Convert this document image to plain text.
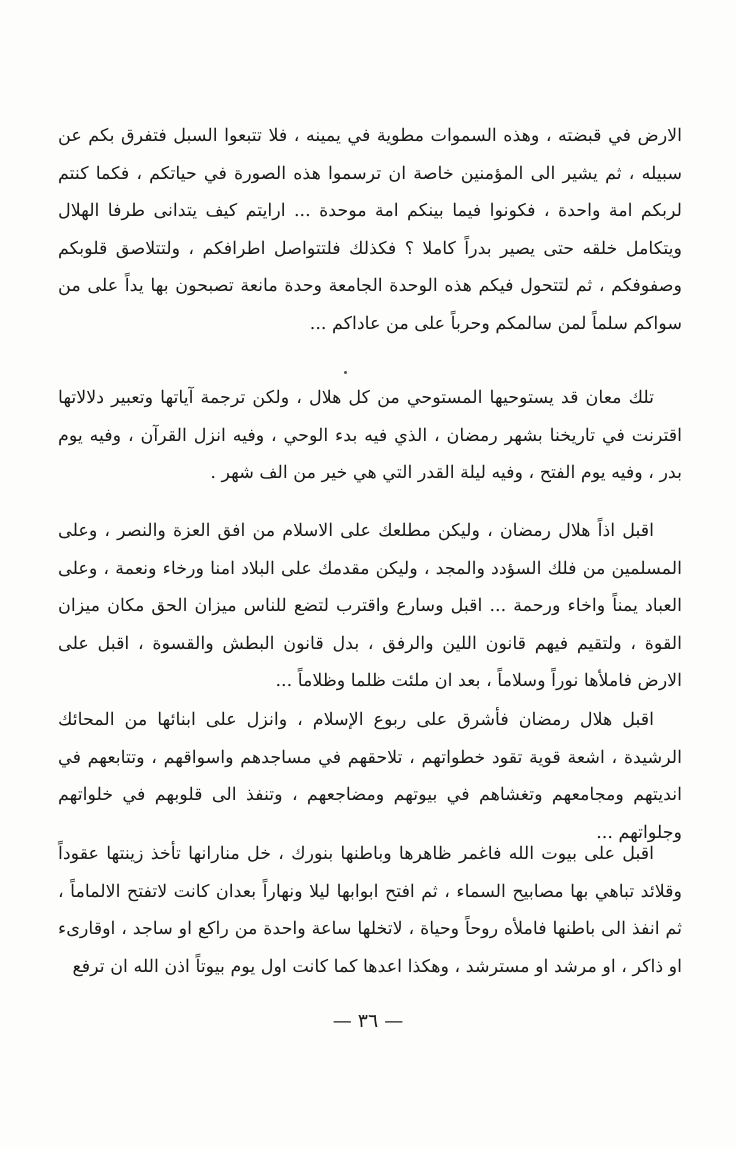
الارض في قبضته ، وهذه السموات مطوية في يمينه ، فلا تتبعوا السبل فتفرق بكم عن سبيله ، ثم يشير الى المؤمنين خاصة ان ترسموا هذه الصورة في حياتكم ، فكما كنتم لربكم امة واحدة ، فكونوا فيما بينكم امة موحدة ... ارايتم كيف يتدانى طرفا الهلال ويتكامل خلقه حتى يصير بدراً كاملا ؟ فكذلك فلتتواصل اطرافكم ، ولتتلاصق قلوبكم وصفوفكم ، ثم لتتحول فيكم هذه الوحدة الجامعة وحدة مانعة تصبحون بها يداً على من سواكم سلماً لمن سالمكم وحرباً على من عاداكم ...

تلك معان قد يستوحيها المستوحي من كل هلال ، ولكن ترجمة آياتها وتعبير دلالاتها اقترنت في تاريخنا بشهر رمضان ، الذي فيه بدء الوحي ، وفيه انزل القرآن ، وفيه يوم بدر ، وفيه يوم الفتح ، وفيه ليلة القدر التي هي خير من الف شهر .

اقبل اذاً هلال رمضان ، وليكن مطلعك على الاسلام من افق العزة والنصر ، وعلى المسلمين من فلك السؤدد والمجد ، وليكن مقدمك على البلاد امنا ورخاء ونعمة ، وعلى العباد يمناً واخاء ورحمة ... اقبل وسارع واقترب لتضع للناس ميزان الحق مكان ميزان القوة ، ولتقيم فيهم قانون اللين والرفق ، بدل قانون البطش والقسوة ، اقبل على الارض فاملأها نوراً وسلاماً ، بعد ان ملئت ظلما وظلاماً ...

اقبل هلال رمضان فأشرق على ربوع الإسلام ، وانزل على ابنائها من المحائك الرشيدة ، اشعة قوية تقود خطواتهم ، تلاحقهم في مساجدهم واسواقهم ، وتتابعهم في انديتهم ومجامعهم وتغشاهم في بيوتهم ومضاجعهم ، وتنفذ الى قلوبهم في خلواتهم وجلواتهم ...

اقبل على بيوت الله فاغمر ظاهرها وباطنها بنورك ، خل منارانها تأخذ زينتها عقوداً وقلائد تباهي بها مصابيح السماء ، ثم افتح ابوابها ليلا ونهاراً بعدان كانت لاتفتح الالماماً ، ثم انفذ الى باطنها فاملأه روحاً وحياة ، لاتخلها ساعة واحدة من راكع او ساجد ، اوقارىء او ذاكر ، او مرشد او مسترشد ، وهكذا اعدها كما كانت اول يوم بيوتاً اذن الله ان ترفع

— ٣٦ —
